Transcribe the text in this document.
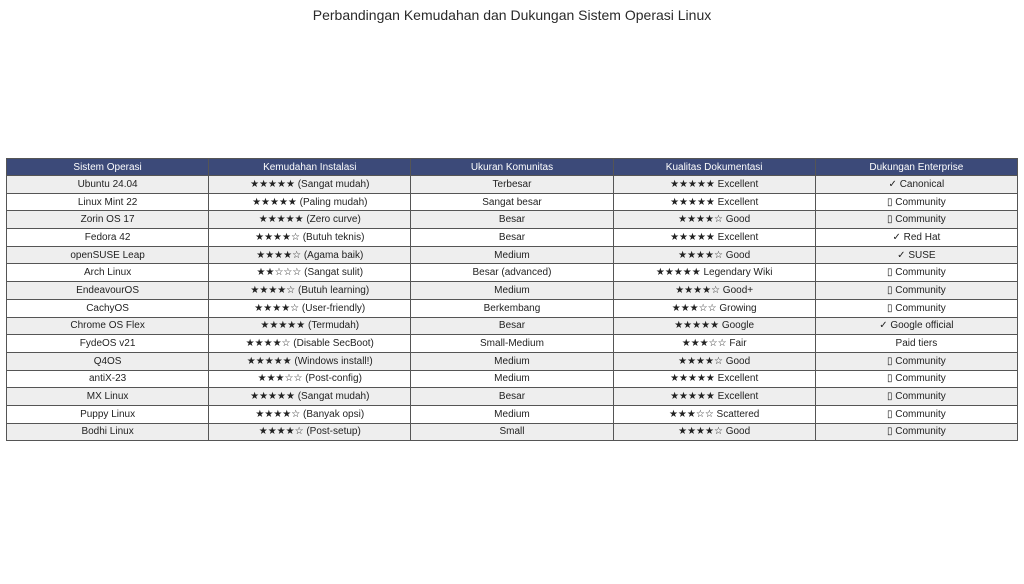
Perbandingan Kemudahan dan Dukungan Sistem Operasi Linux
Sistem Operasi	Kemudahan Instalasi	Ukuran Komunitas	Kualitas Dokumentasi	Dukungan Enterprise
Ubuntu 24.04	★★★★★ (Sangat mudah)	Terbesar	★★★★★ Excellent	✓ Canonical
Linux Mint 22	★★★★★ (Paling mudah)	Sangat besar	★★★★★ Excellent	▯ Community
Zorin OS 17	★★★★★ (Zero curve)	Besar	★★★★☆ Good	▯ Community
Fedora 42	★★★★☆ (Butuh teknis)	Besar	★★★★★ Excellent	✓ Red Hat
openSUSE Leap	★★★★☆ (Agama baik)	Medium	★★★★☆ Good	✓ SUSE
Arch Linux	★★☆☆☆ (Sangat sulit)	Besar (advanced)	★★★★★ Legendary Wiki	▯ Community
EndeavourOS	★★★★☆ (Butuh learning)	Medium	★★★★☆ Good+	▯ Community
CachyOS	★★★★☆ (User-friendly)	Berkembang	★★★☆☆ Growing	▯ Community
Chrome OS Flex	★★★★★ (Termudah)	Besar	★★★★★ Google	✓ Google official
FydeOS v21	★★★★☆ (Disable SecBoot)	Small-Medium	★★★☆☆ Fair	Paid tiers
Q4OS	★★★★★ (Windows install!)	Medium	★★★★☆ Good	▯ Community
antiX-23	★★★☆☆ (Post-config)	Medium	★★★★★ Excellent	▯ Community
MX Linux	★★★★★ (Sangat mudah)	Besar	★★★★★ Excellent	▯ Community
Puppy Linux	★★★★☆ (Banyak opsi)	Medium	★★★☆☆ Scattered	▯ Community
Bodhi Linux	★★★★☆ (Post-setup)	Small	★★★★☆ Good	▯ Community
